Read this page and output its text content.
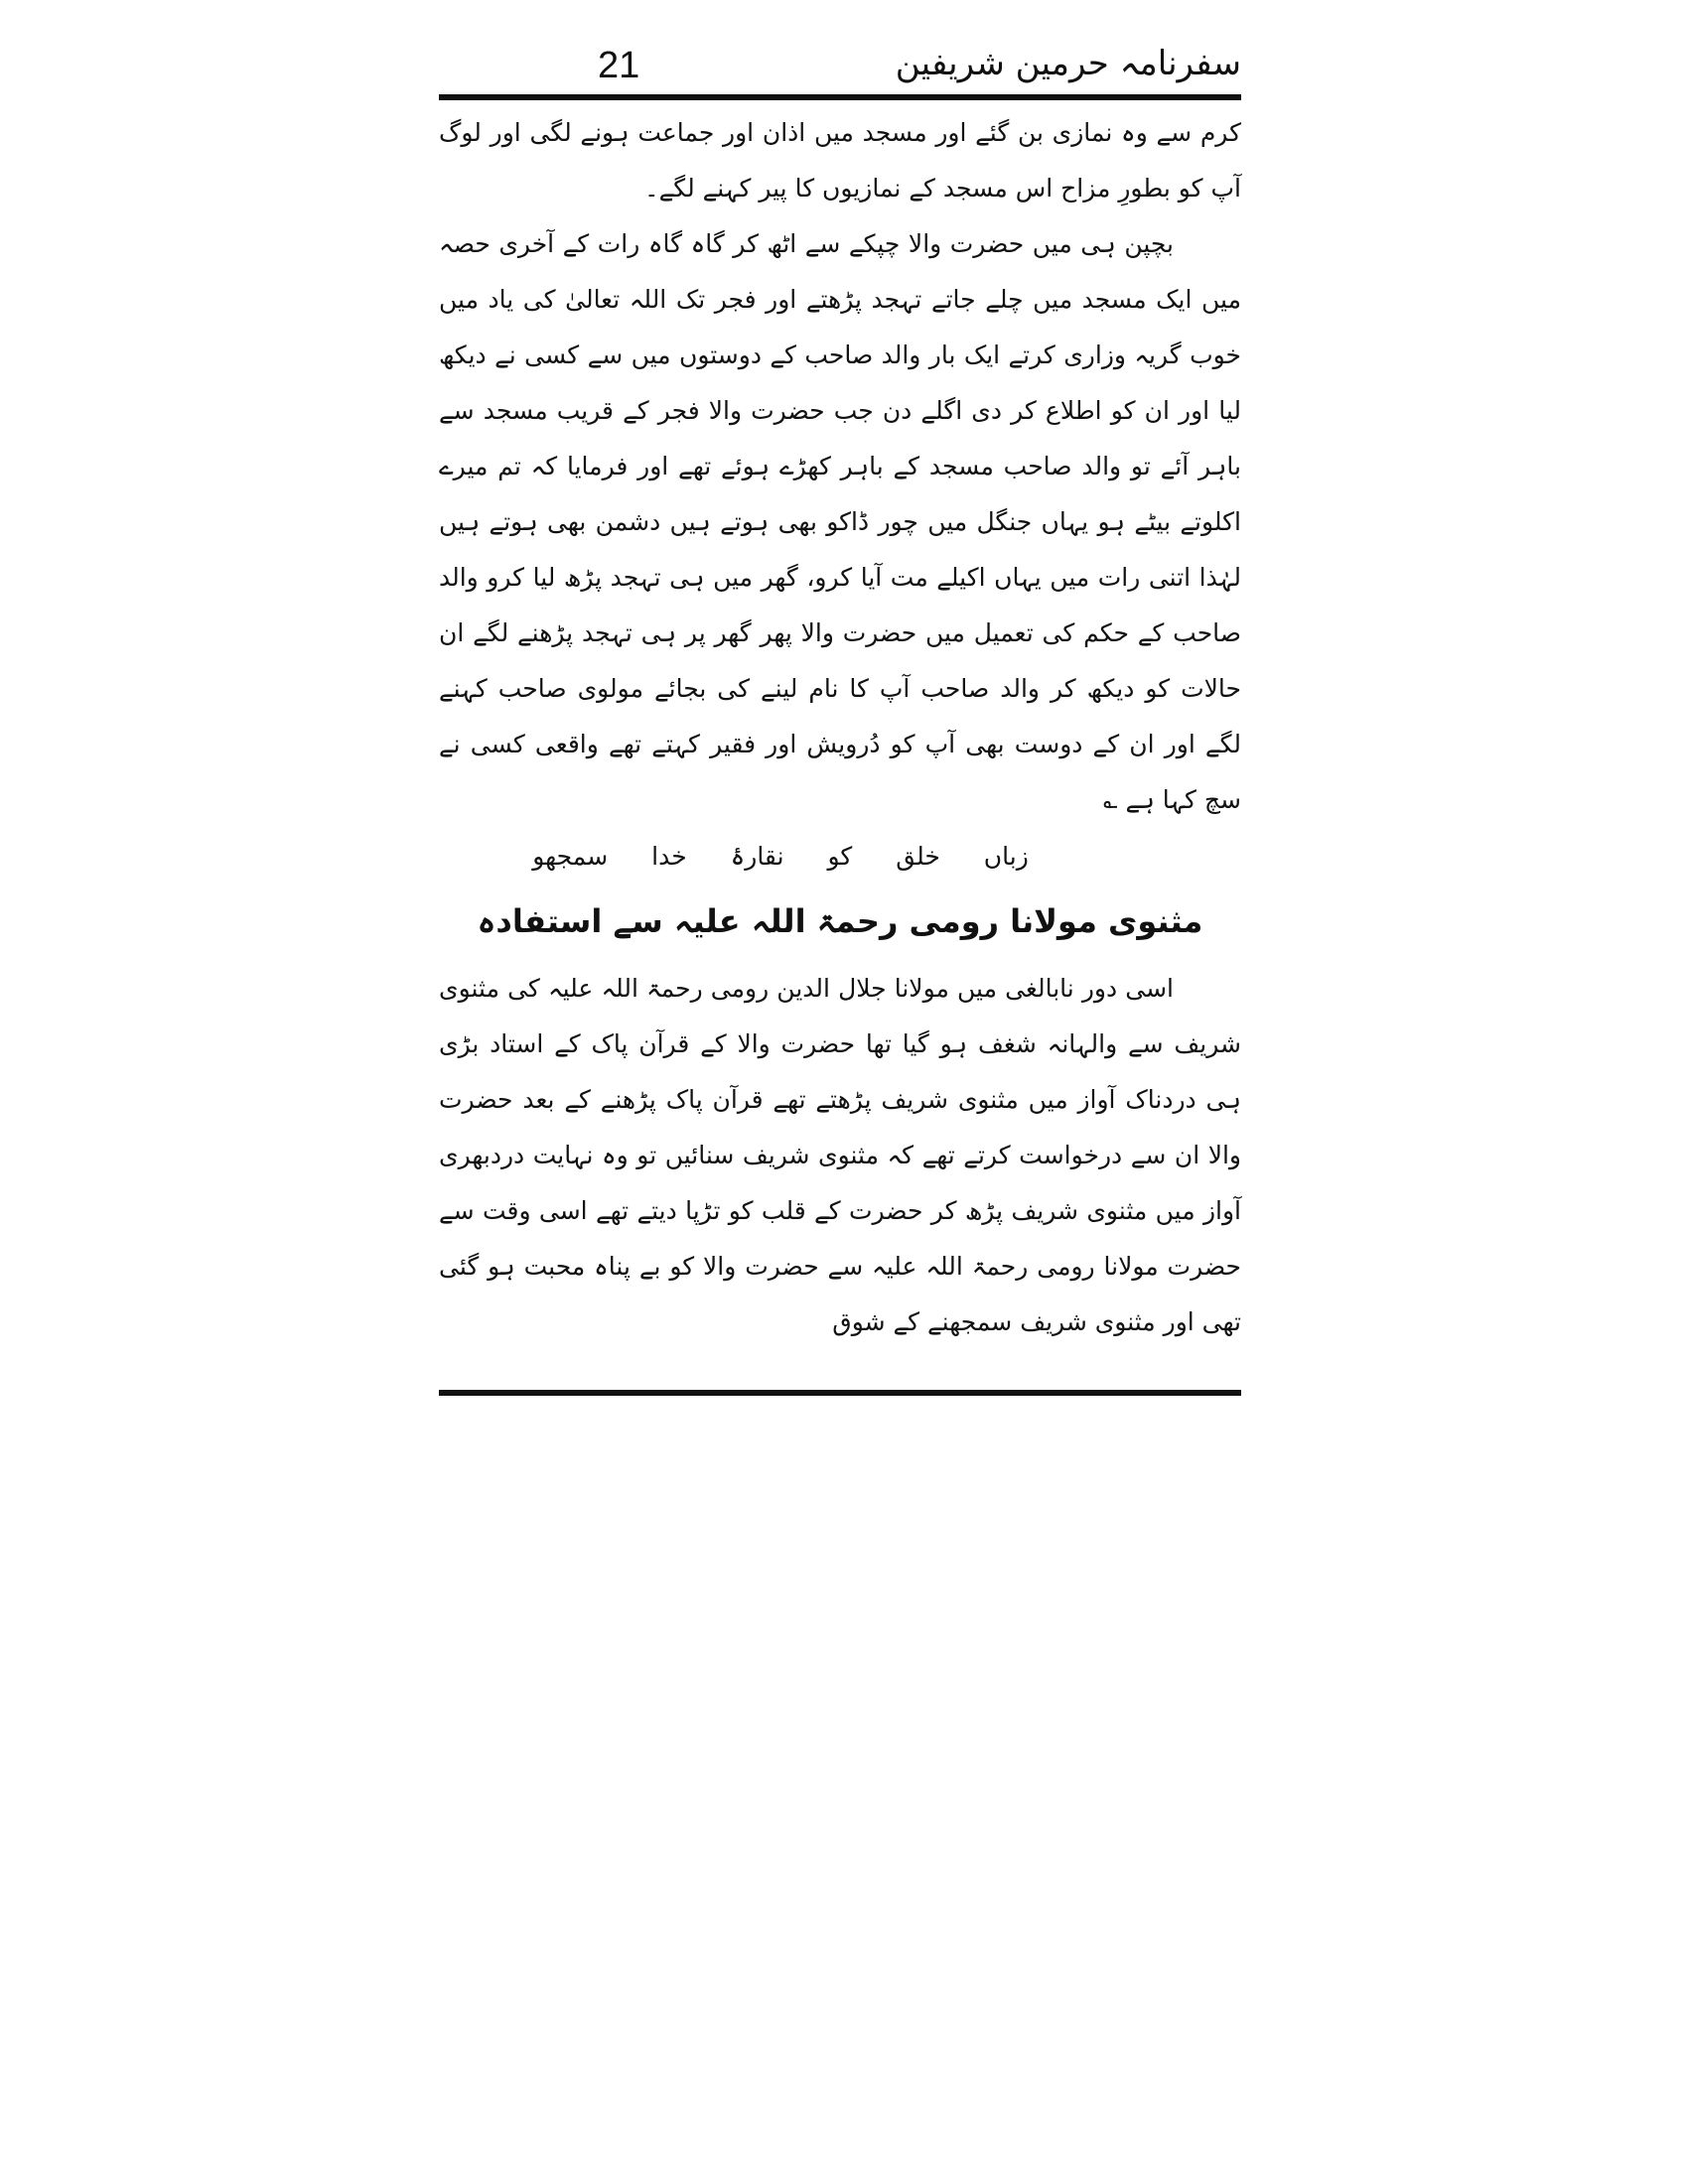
21	سفرنامہ حرمین شریفین

کرم سے وہ نمازی بن گئے اور مسجد میں اذان اور جماعت ہونے لگی اور لوگ آپ کو بطورِ مزاح اس مسجد کے نمازیوں کا پیر کہنے لگے۔

بچپن ہی میں حضرت والا چپکے سے اٹھ کر گاہ گاہ رات کے آخری حصہ میں ایک مسجد میں چلے جاتے تہجد پڑھتے اور فجر تک اللہ تعالیٰ کی یاد میں خوب گریہ وزاری کرتے ایک بار والد صاحب کے دوستوں میں سے کسی نے دیکھ لیا اور ان کو اطلاع کر دی اگلے دن جب حضرت والا فجر کے قریب مسجد سے باہر آئے تو والد صاحب مسجد کے باہر کھڑے ہوئے تھے اور فرمایا کہ تم میرے اکلوتے بیٹے ہو یہاں جنگل میں چور ڈاکو بھی ہوتے ہیں دشمن بھی ہوتے ہیں لہٰذا اتنی رات میں یہاں اکیلے مت آیا کرو، گھر میں ہی تہجد پڑھ لیا کرو والد صاحب کے حکم کی تعمیل میں حضرت والا پھر گھر پر ہی تہجد پڑھنے لگے ان حالات کو دیکھ کر والد صاحب آپ کا نام لینے کی بجائے مولوی صاحب کہنے لگے اور ان کے دوست بھی آپ کو دُرویش اور فقیر کہتے تھے واقعی کسی نے سچ کہا ہے ؎

زباں خلق کو نقارۂ خدا سمجھو

مثنوی مولانا رومی رحمۃ اللہ علیہ سے استفادہ

اسی دور نابالغی میں مولانا جلال الدین رومی رحمۃ اللہ علیہ کی مثنوی شریف سے والہانہ شغف ہو گیا تھا حضرت والا کے قرآن پاک کے استاد بڑی ہی دردناک آواز میں مثنوی شریف پڑھتے تھے قرآن پاک پڑھنے کے بعد حضرت والا ان سے درخواست کرتے تھے کہ مثنوی شریف سنائیں تو وہ نہایت دردبھری آواز میں مثنوی شریف پڑھ کر حضرت کے قلب کو تڑپا دیتے تھے اسی وقت سے حضرت مولانا رومی رحمۃ اللہ علیہ سے حضرت والا کو بے پناہ محبت ہو گئی تھی اور مثنوی شریف سمجھنے کے شوق
